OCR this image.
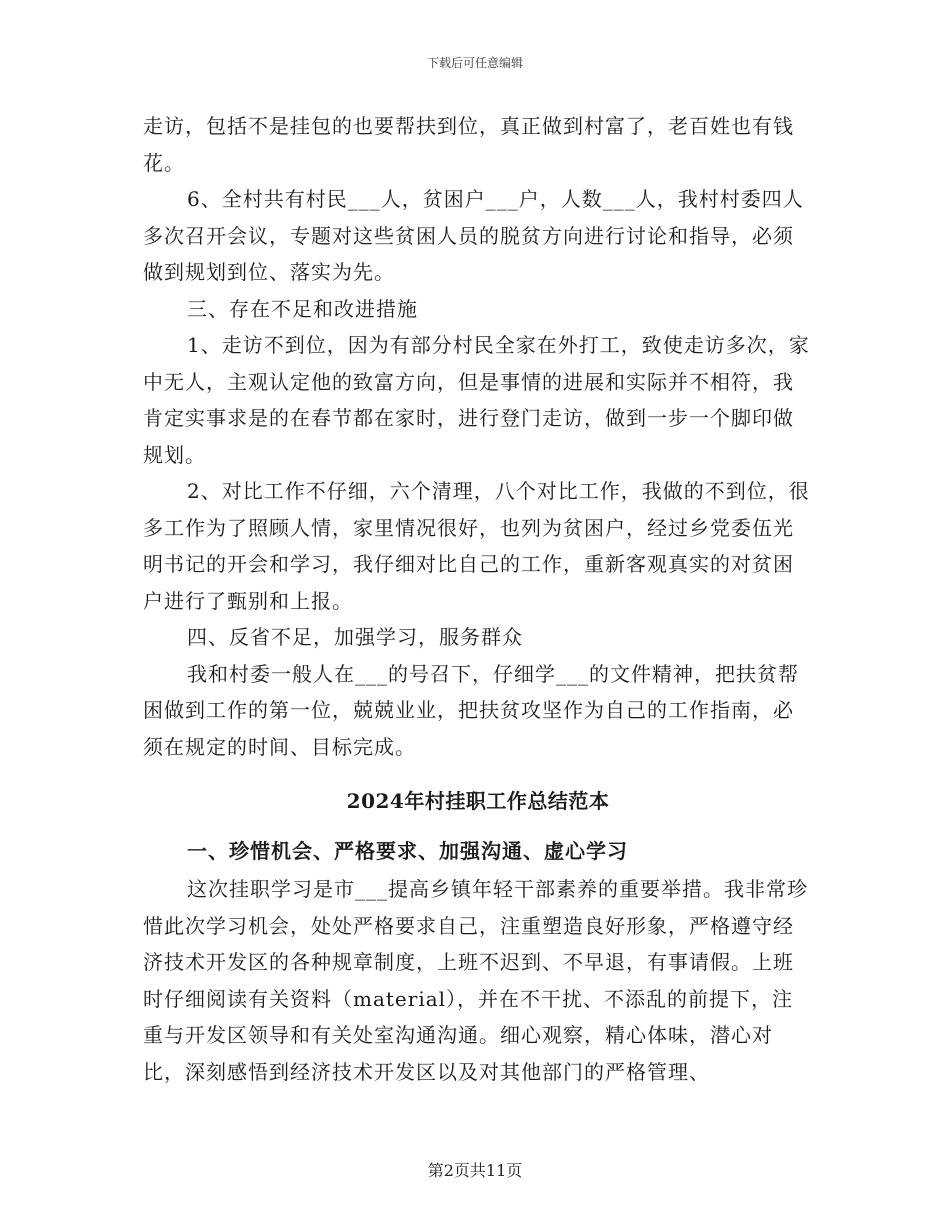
下载后可任意编辑

走访，包括不是挂包的也要帮扶到位，真正做到村富了，老百姓也有钱花。

6、全村共有村民___人，贫困户___户，人数___人，我村村委四人多次召开会议，专题对这些贫困人员的脱贫方向进行讨论和指导，必须做到规划到位、落实为先。

三、存在不足和改进措施

1、走访不到位，因为有部分村民全家在外打工，致使走访多次，家中无人，主观认定他的致富方向，但是事情的进展和实际并不相符，我肯定实事求是的在春节都在家时，进行登门走访，做到一步一个脚印做规划。

2、对比工作不仔细，六个清理，八个对比工作，我做的不到位，很多工作为了照顾人情，家里情况很好，也列为贫困户，经过乡党委伍光明书记的开会和学习，我仔细对比自己的工作，重新客观真实的对贫困户进行了甄别和上报。

四、反省不足，加强学习，服务群众

我和村委一般人在___的号召下，仔细学___的文件精神，把扶贫帮困做到工作的第一位，兢兢业业，把扶贫攻坚作为自己的工作指南，必须在规定的时间、目标完成。

2024年村挂职工作总结范本
一、珍惜机会、严格要求、加强沟通、虚心学习

这次挂职学习是市___提高乡镇年轻干部素养的重要举措。我非常珍惜此次学习机会，处处严格要求自己，注重塑造良好形象，严格遵守经济技术开发区的各种规章制度，上班不迟到、不早退，有事请假。上班时仔细阅读有关资料（material），并在不干扰、不添乱的前提下，注重与开发区领导和有关处室沟通沟通。细心观察，精心体味，潜心对比，深刻感悟到经济技术开发区以及对其他部门的严格管理、

第2页共11页
